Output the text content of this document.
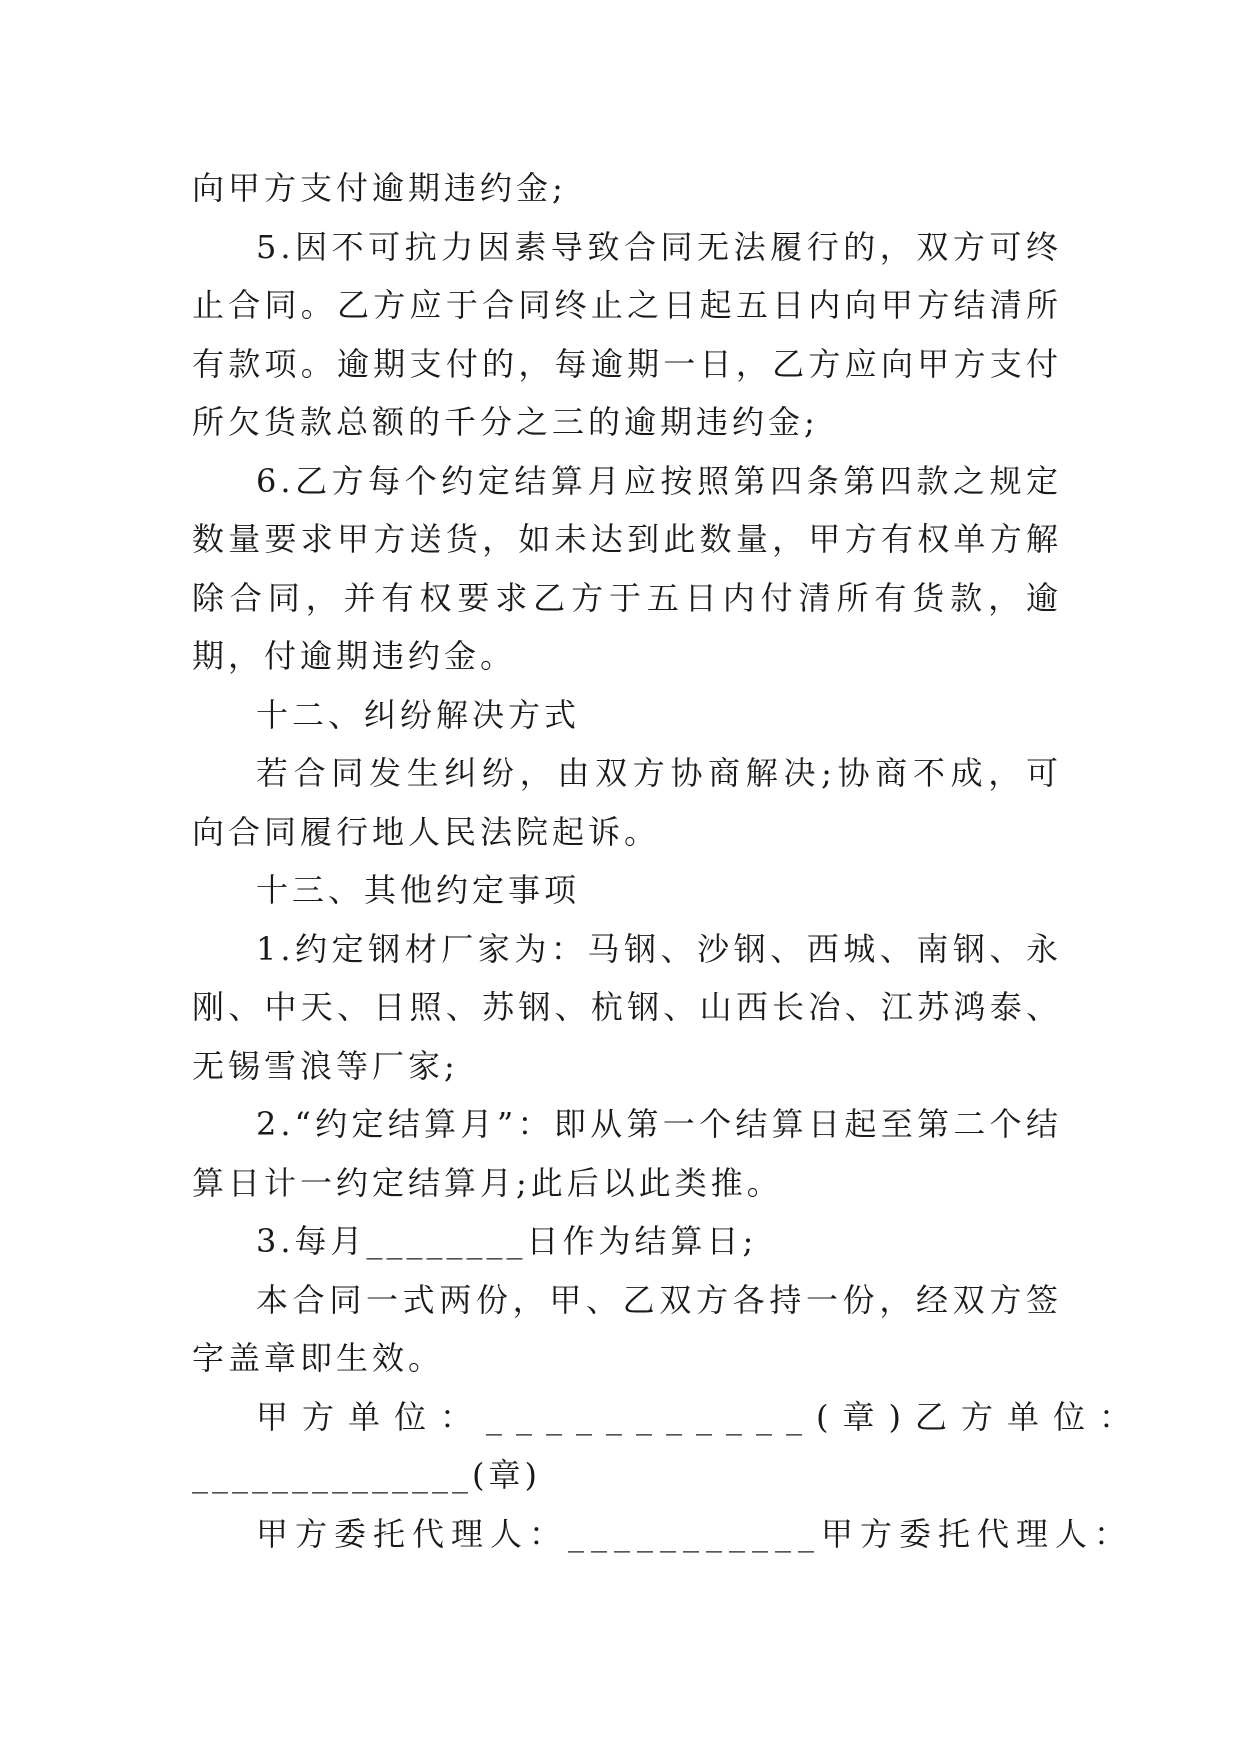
向甲方支付逾期违约金;

5.因不可抗力因素导致合同无法履行的，双方可终止合同。乙方应于合同终止之日起五日内向甲方结清所有款项。逾期支付的，每逾期一日，乙方应向甲方支付所欠货款总额的千分之三的逾期违约金;

6.乙方每个约定结算月应按照第四条第四款之规定数量要求甲方送货，如未达到此数量，甲方有权单方解除合同，并有权要求乙方于五日内付清所有货款，逾期，付逾期违约金。

十二、纠纷解决方式

若合同发生纠纷，由双方协商解决;协商不成，可向合同履行地人民法院起诉。

十三、其他约定事项

1.约定钢材厂家为：马钢、沙钢、西城、南钢、永刚、中天、日照、苏钢、杭钢、山西长冶、江苏鸿泰、无锡雪浪等厂家;

2.“约定结算月”：即从第一个结算日起至第二个结算日计一约定结算月;此后以此类推。

3.每月________日作为结算日;

本合同一式两份，甲、乙双方各持一份，经双方签字盖章即生效。

甲方单位：___________(章)乙方单位：

______________(章)

甲方委托代理人：___________甲方委托代理人：
